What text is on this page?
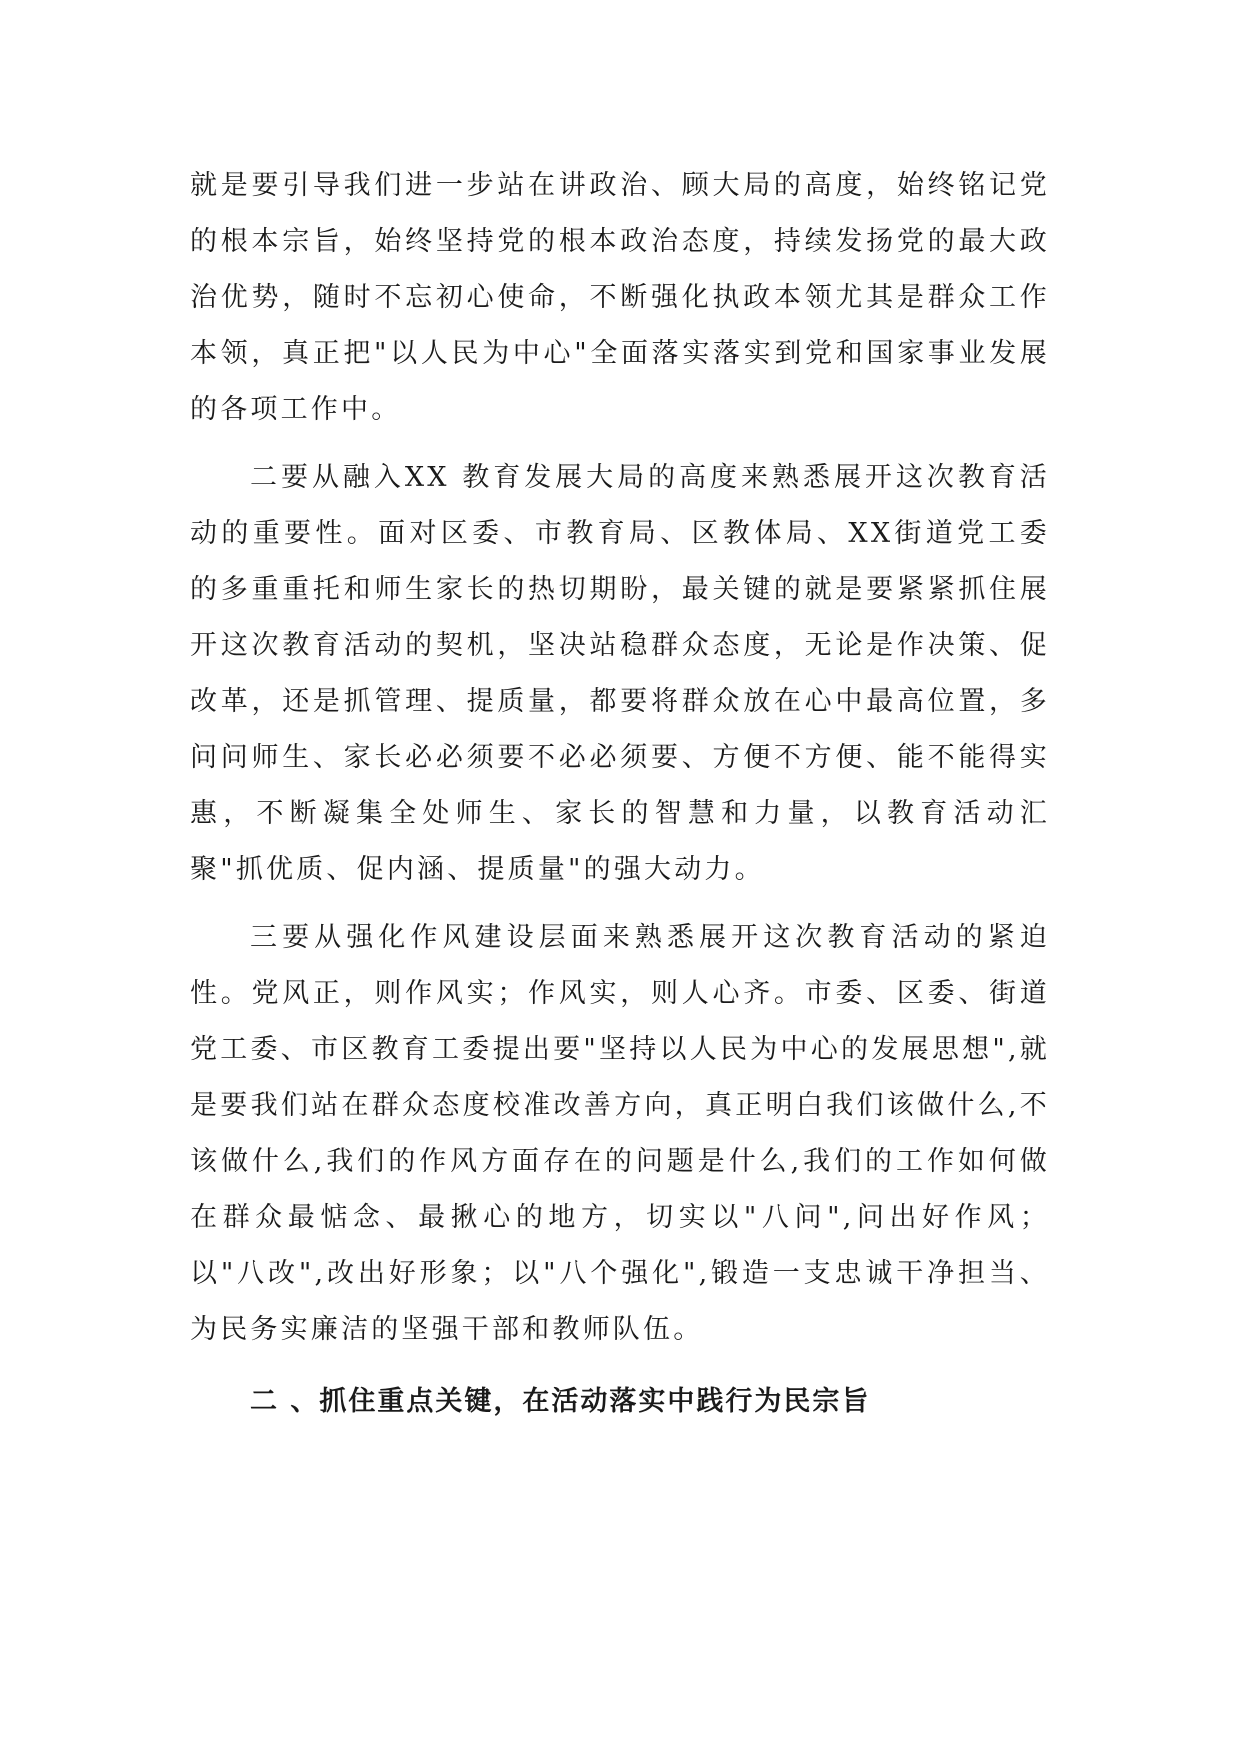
就是要引导我们进一步站在讲政治、顾大局的高度，始终铭记党的根本宗旨，始终坚持党的根本政治态度，持续发扬党的最大政治优势，随时不忘初心使命，不断强化执政本领尤其是群众工作本领，真正把"以人民为中心"全面落实落实到党和国家事业发展的各项工作中。

二要从融入XX 教育发展大局的高度来熟悉展开这次教育活动的重要性。面对区委、市教育局、区教体局、XX街道党工委的多重重托和师生家长的热切期盼，最关键的就是要紧紧抓住展开这次教育活动的契机，坚决站稳群众态度，无论是作决策、促改革，还是抓管理、提质量，都要将群众放在心中最高位置，多问问师生、家长必必须要不必必须要、方便不方便、能不能得实惠，不断凝集全处师生、家长的智慧和力量，以教育活动汇聚"抓优质、促内涵、提质量"的强大动力。

三要从强化作风建设层面来熟悉展开这次教育活动的紧迫性。党风正，则作风实；作风实，则人心齐。市委、区委、街道党工委、市区教育工委提出要"坚持以人民为中心的发展思想",就是要我们站在群众态度校准改善方向，真正明白我们该做什么,不该做什么,我们的作风方面存在的问题是什么,我们的工作如何做在群众最惦念、最揪心的地方，切实以"八问",问出好作风；以"八改",改出好形象；以"八个强化",锻造一支忠诚干净担当、为民务实廉洁的坚强干部和教师队伍。

二 、抓住重点关键，在活动落实中践行为民宗旨
